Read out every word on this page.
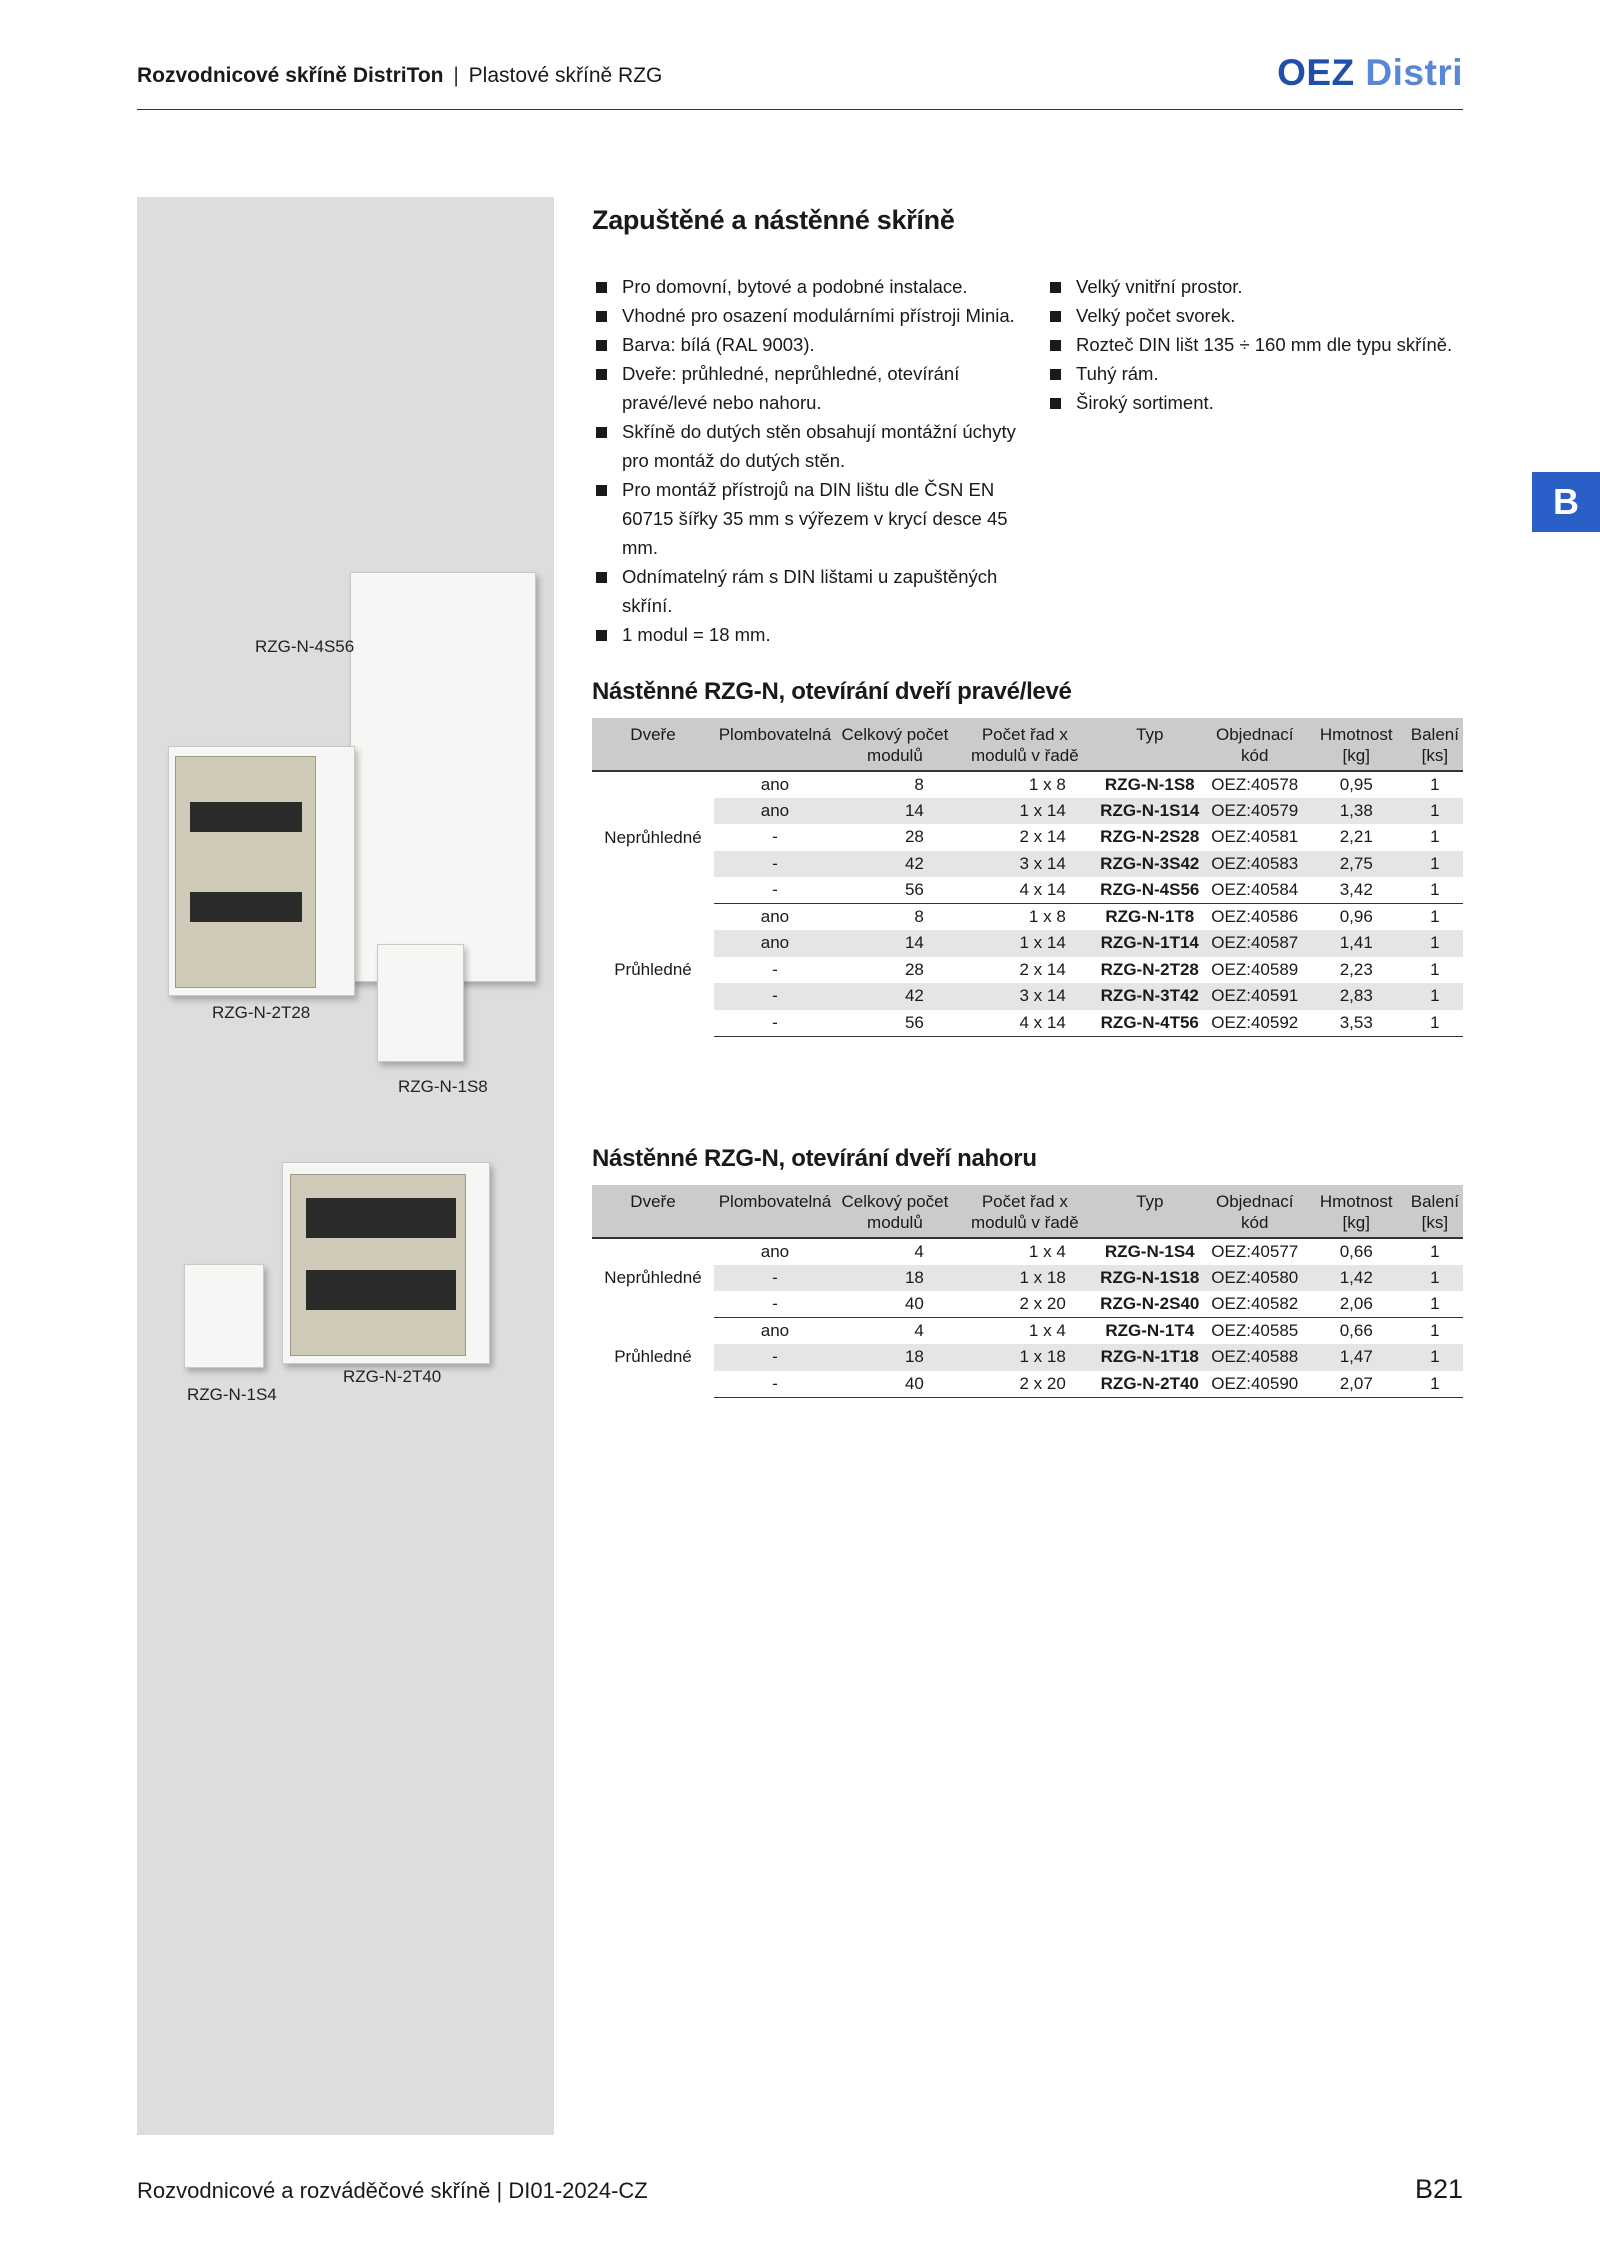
Rozvodnicové skříně DistriTon | Plastové skříně RZG	OEZ Distri
B
RZG-N-4S56
RZG-N-2T28
RZG-N-1S8
RZG-N-1S4
RZG-N-2T40
Zapuštěné a nástěnné skříně
Pro domovní, bytové a podobné instalace.
Vhodné pro osazení modulárními přístroji Minia.
Barva: bílá (RAL 9003).
Dveře: průhledné, neprůhledné, otevírání pravé/levé nebo nahoru.
Skříně do dutých stěn obsahují montážní úchyty pro montáž do dutých stěn.
Pro montáž přístrojů na DIN lištu dle ČSN EN 60715 šířky 35 mm s výřezem v krycí desce 45 mm.
Odnímatelný rám s DIN lištami u zapuštěných skříní.
1 modul = 18 mm.
Velký vnitřní prostor.
Velký počet svorek.
Rozteč DIN lišt 135 ÷ 160 mm dle typu skříně.
Tuhý rám.
Široký sortiment.
Nástěnné RZG-N, otevírání dveří pravé/levé
Dveře	Plombovatelná	Celkový počet modulů	Počet řad x modulů v řadě	Typ	Objednací kód	Hmotnost [kg]	Balení [ks]
Neprůhledné	ano	8	1 x 8	RZG-N-1S8	OEZ:40578	0,95	1
	ano	14	1 x 14	RZG-N-1S14	OEZ:40579	1,38	1
	-	28	2 x 14	RZG-N-2S28	OEZ:40581	2,21	1
	-	42	3 x 14	RZG-N-3S42	OEZ:40583	2,75	1
	-	56	4 x 14	RZG-N-4S56	OEZ:40584	3,42	1
Průhledné	ano	8	1 x 8	RZG-N-1T8	OEZ:40586	0,96	1
	ano	14	1 x 14	RZG-N-1T14	OEZ:40587	1,41	1
	-	28	2 x 14	RZG-N-2T28	OEZ:40589	2,23	1
	-	42	3 x 14	RZG-N-3T42	OEZ:40591	2,83	1
	-	56	4 x 14	RZG-N-4T56	OEZ:40592	3,53	1
Nástěnné RZG-N, otevírání dveří nahoru
Dveře	Plombovatelná	Celkový počet modulů	Počet řad x modulů v řadě	Typ	Objednací kód	Hmotnost [kg]	Balení [ks]
Neprůhledné	ano	4	1 x 4	RZG-N-1S4	OEZ:40577	0,66	1
	-	18	1 x 18	RZG-N-1S18	OEZ:40580	1,42	1
	-	40	2 x 20	RZG-N-2S40	OEZ:40582	2,06	1
Průhledné	ano	4	1 x 4	RZG-N-1T4	OEZ:40585	0,66	1
	-	18	1 x 18	RZG-N-1T18	OEZ:40588	1,47	1
	-	40	2 x 20	RZG-N-2T40	OEZ:40590	2,07	1
Rozvodnicové a rozváděčové skříně | DI01-2024-CZ	B21
